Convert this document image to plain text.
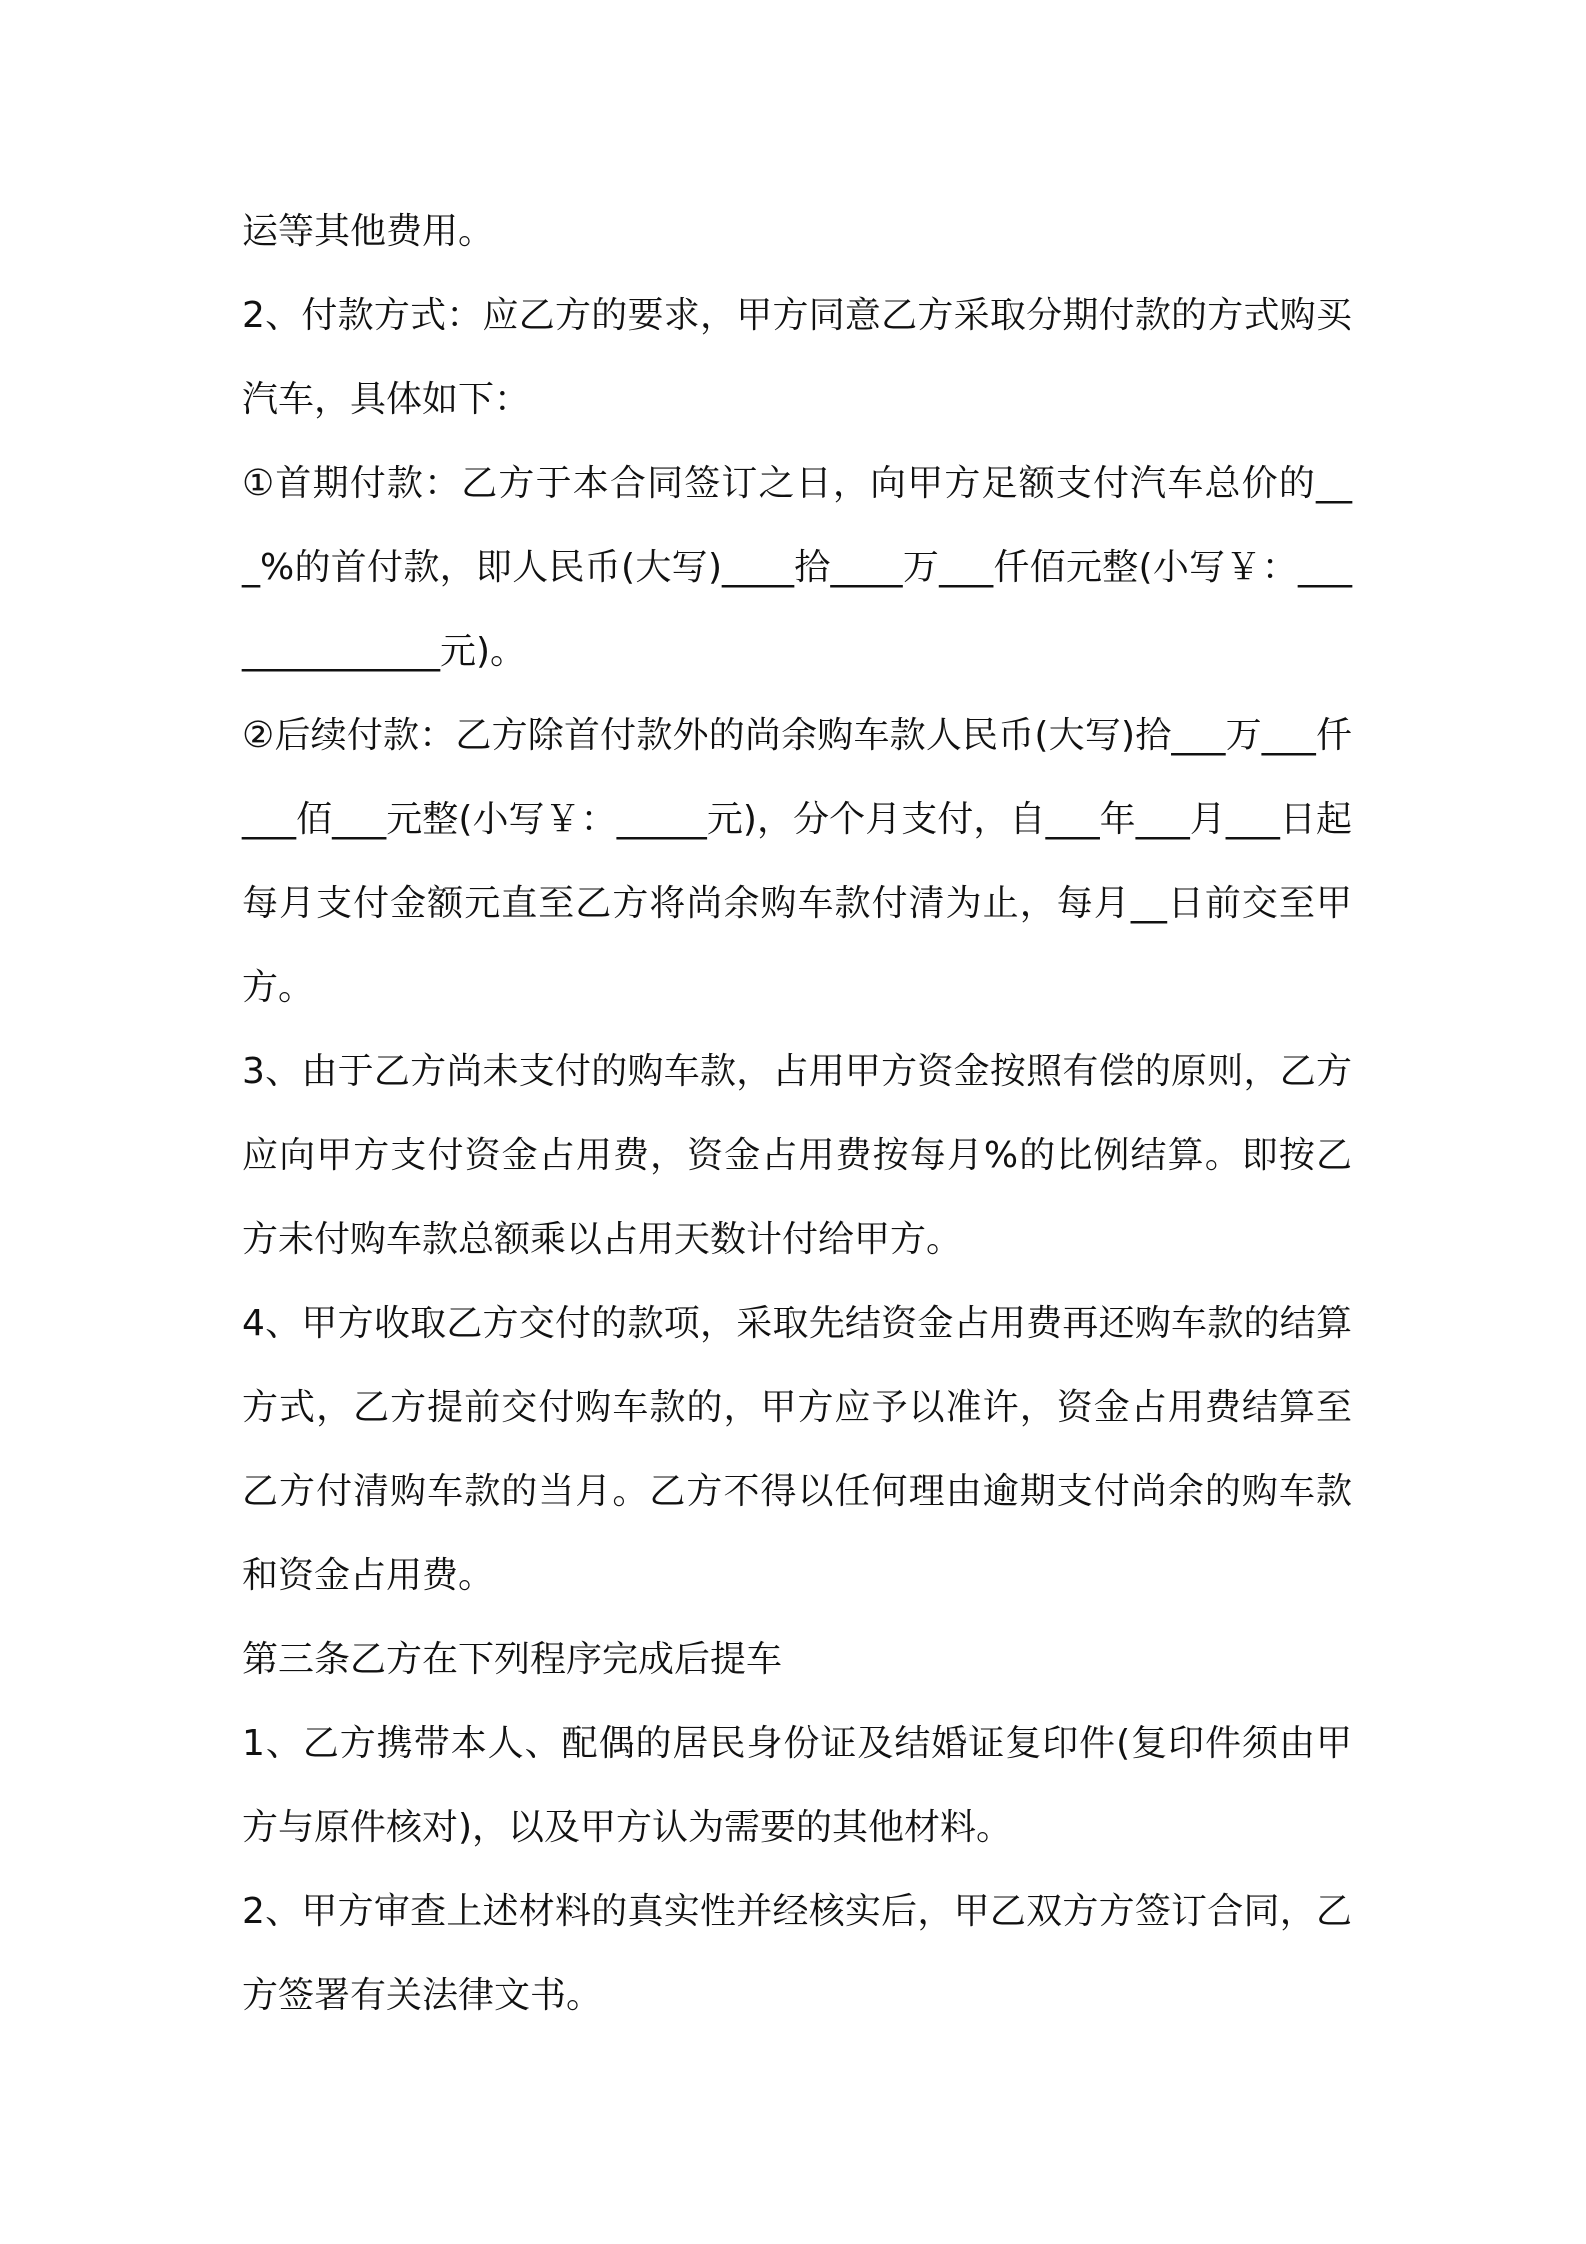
运等其他费用。

2、付款方式：应乙方的要求，甲方同意乙方采取分期付款的方式购买汽车，具体如下：

①首期付款：乙方于本合同签订之日，向甲方足额支付汽车总价的___%的首付款，即人民币(大写)____拾____万___仟佰元整(小写￥：______________元)。

②后续付款：乙方除首付款外的尚余购车款人民币(大写)拾___万___仟___佰___元整(小写￥：_____元)，分个月支付，自___年___月___日起每月支付金额元直至乙方将尚余购车款付清为止，每月__日前交至甲方。

3、由于乙方尚未支付的购车款，占用甲方资金按照有偿的原则，乙方应向甲方支付资金占用费，资金占用费按每月%的比例结算。即按乙方未付购车款总额乘以占用天数计付给甲方。

4、甲方收取乙方交付的款项，采取先结资金占用费再还购车款的结算方式，乙方提前交付购车款的，甲方应予以准许，资金占用费结算至乙方付清购车款的当月。乙方不得以任何理由逾期支付尚余的购车款和资金占用费。

第三条乙方在下列程序完成后提车

1、乙方携带本人、配偶的居民身份证及结婚证复印件(复印件须由甲方与原件核对)，以及甲方认为需要的其他材料。

2、甲方审查上述材料的真实性并经核实后，甲乙双方方签订合同，乙方签署有关法律文书。
